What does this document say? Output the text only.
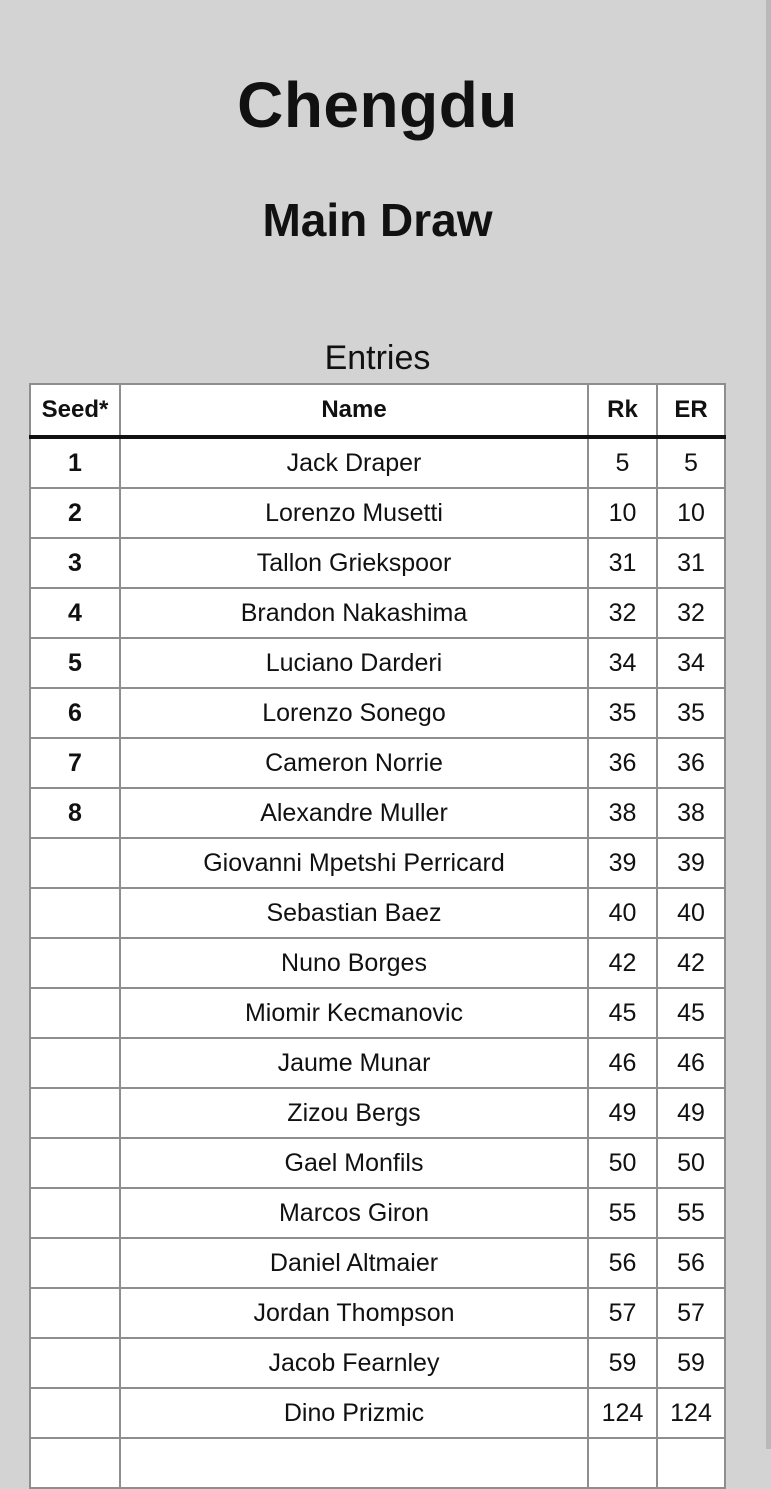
Chengdu
Main Draw
Entries
Seed*	Name	Rk	ER
1	Jack Draper	5	5
2	Lorenzo Musetti	10	10
3	Tallon Griekspoor	31	31
4	Brandon Nakashima	32	32
5	Luciano Darderi	34	34
6	Lorenzo Sonego	35	35
7	Cameron Norrie	36	36
8	Alexandre Muller	38	38
	Giovanni Mpetshi Perricard	39	39
	Sebastian Baez	40	40
	Nuno Borges	42	42
	Miomir Kecmanovic	45	45
	Jaume Munar	46	46
	Zizou Bergs	49	49
	Gael Monfils	50	50
	Marcos Giron	55	55
	Daniel Altmaier	56	56
	Jordan Thompson	57	57
	Jacob Fearnley	59	59
	Dino Prizmic	124	124

TennisAlive
